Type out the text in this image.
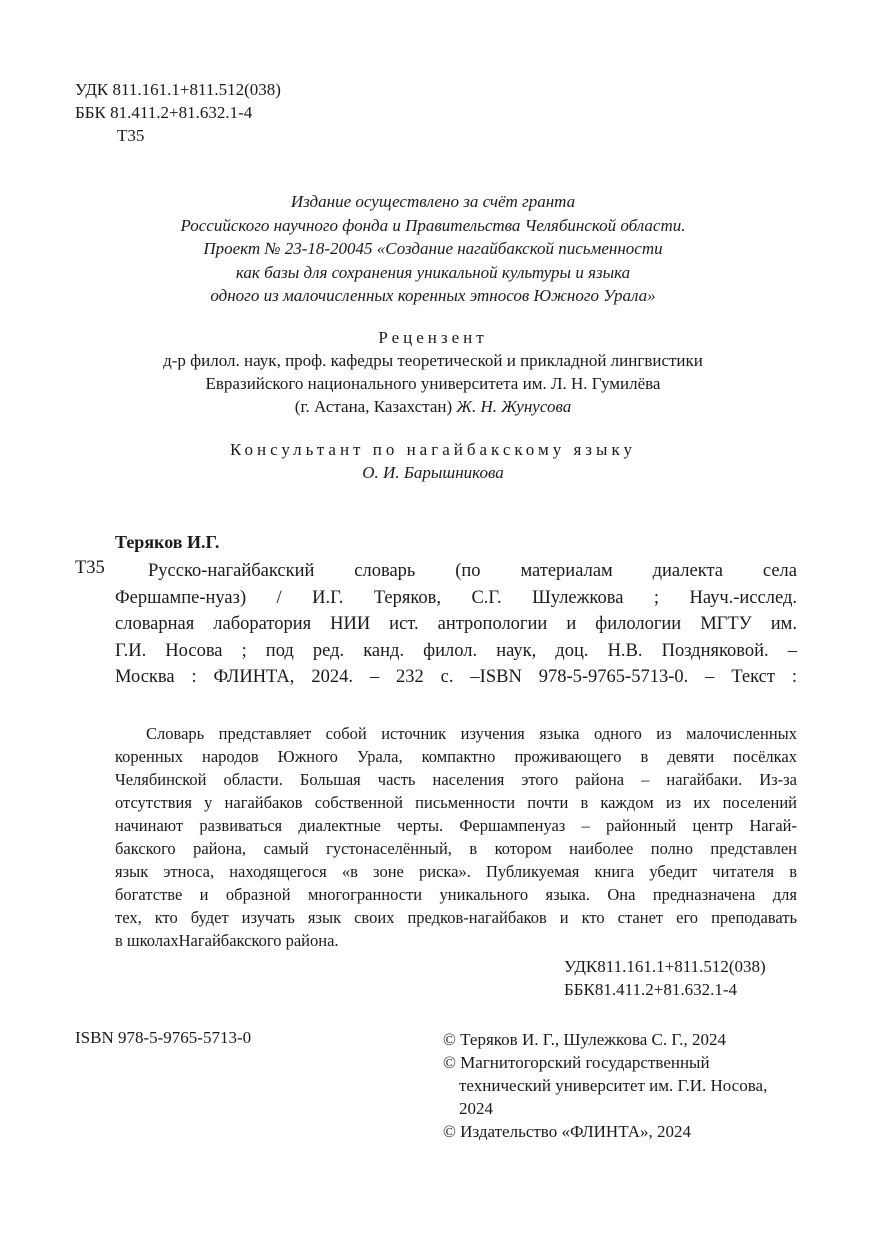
УДК 811.161.1+811.512(038)
ББК 81.411.2+81.632.1-4
Т35
Издание осуществлено за счёт гранта
Российского научного фонда и Правительства Челябинской области.
Проект № 23-18-20045 «Создание нагайбакской письменности
как базы для сохранения уникальной культуры и языка
одного из малочисленных коренных этносов Южного Урала»
Рецензент
д-р филол. наук, проф. кафедры теоретической и прикладной лингвистики
Евразийского национального университета им. Л. Н. Гумилёва
(г. Астана, Казахстан) Ж. Н. Жунусова
Консультант по нагайбакскому языку
О. И. Барышникова
Теряков И.Г.
Т35	Русско-нагайбакский словарь (по материалам диалекта села
Фершампе-нуаз) / И.Г. Теряков, С.Г. Шулежкова ; Науч.-исслед.
словарная лаборатория НИИ ист. антропологии и филологии МГТУ им.
Г.И. Носова ; под ред. канд. филол. наук, доц. Н.В. Поздняковой. –
Москва : ФЛИНТА, 2024. – 232 с. –ISBN 978-5-9765-5713-0. – Текст :
Словарь представляет собой источник изучения языка одного из малочисленных
коренных народов Южного Урала, компактно проживающего в девяти посёлках
Челябинской области. Большая часть населения этого района – нагайбаки. Из-за
отсутствия у нагайбаков собственной письменности почти в каждом из их поселений
начинают развиваться диалектные черты. Фершампенуаз – районный центр Нагай-
бакского района, самый густонаселённый, в котором наиболее полно представлен
язык этноса, находящегося «в зоне риска». Публикуемая книга убедит читателя в
богатстве и образной многогранности уникального языка. Она предназначена для
тех, кто будет изучать язык своих предков-нагайбаков и кто станет его преподавать
в школахНагайбакского района.
УДК811.161.1+811.512(038)
ББК81.411.2+81.632.1-4
ISBN 978-5-9765-5713-0	© Теряков И. Г., Шулежкова С. Г., 2024
© Магнитогорский государственный
технический университет им. Г.И. Носова,
2024
© Издательство «ФЛИНТА», 2024
